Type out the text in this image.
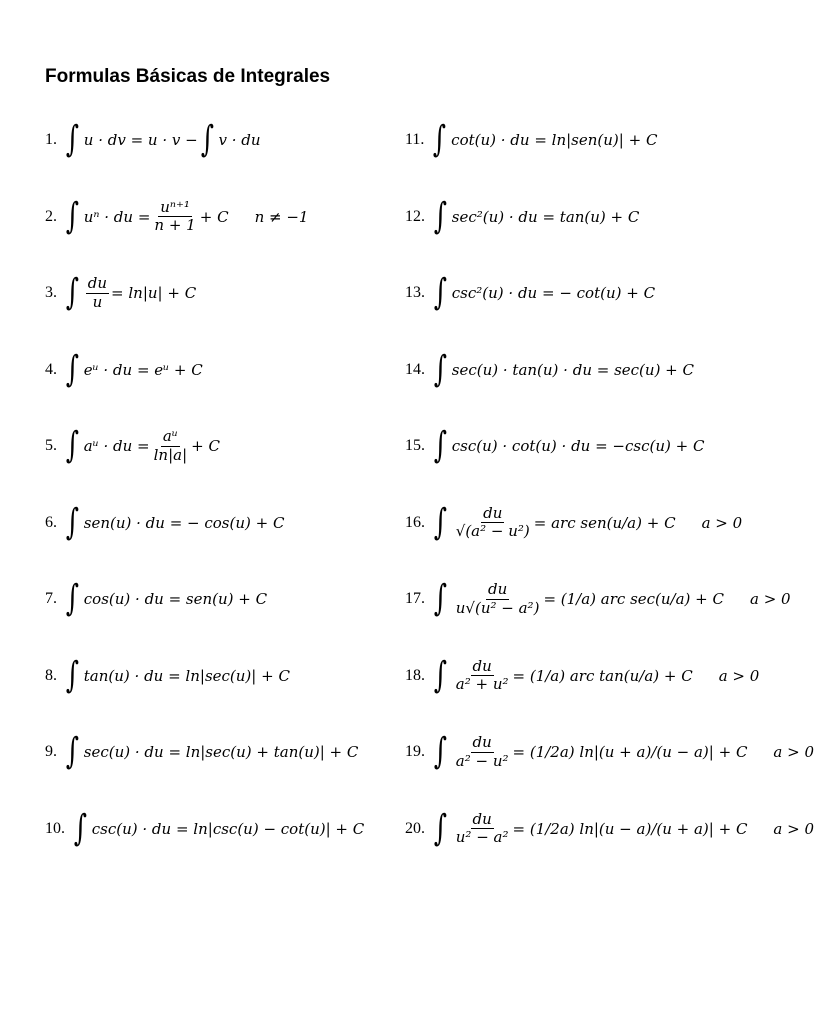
Formulas Básicas de Integrales
1. ∫ u · dv = u · v − ∫ v · du
2. ∫ uⁿ · du = $\frac{\text{uⁿ⁺¹}}{n + 1} + C$ n ≠ −1
3. ∫ $\frac{du}{u} = \ln|u| + C$
4. ∫ eᵘ · du = eᵘ + C
5. ∫ aᵘ · du = $\frac{\text{aᵘ}}{\ln|a|} + C$
6. ∫ sen(u) · du = − cos(u) + C
7. ∫ cos(u) · du = sen(u) + C
8. ∫ tan(u) · du = ln|sec(u)| + C
9. ∫ sec(u) · du = ln|sec(u) + tan(u)| + C
10. ∫ csc(u) · du = ln|csc(u) − cot(u)| + C
11. ∫ cot(u) · du = ln|sen(u)| + C
12. ∫ sec²(u) · du = tan(u) + C
13. ∫ csc²(u) · du = − cot(u) + C
14. ∫ sec(u) · tan(u) · du = sec(u) + C
15. ∫ csc(u) · cot(u) · du = −csc(u) + C
16. ∫ $\frac{du}{\text{√(a² − u²)}}$ = arc sen(u/a) + C a > 0
17. ∫ $\frac{du}{\text{u√(u² − a²)}} = (1/a)$ arc sec(u/a) + C a > 0
18. ∫ $\frac{du}{\text{a² + u²}} = (1/a)$ arc tan(u/a) + C a > 0
19. ∫ $\frac{du}{\text{a² − u²}} = (1/2a) \ln|(u + a)/(u - a)| + C$ a > 0
20. ∫ $\frac{du}{\text{u² − a²}} = (1/2a) \ln|(u - a)/(u + a)| + C$ a > 0
